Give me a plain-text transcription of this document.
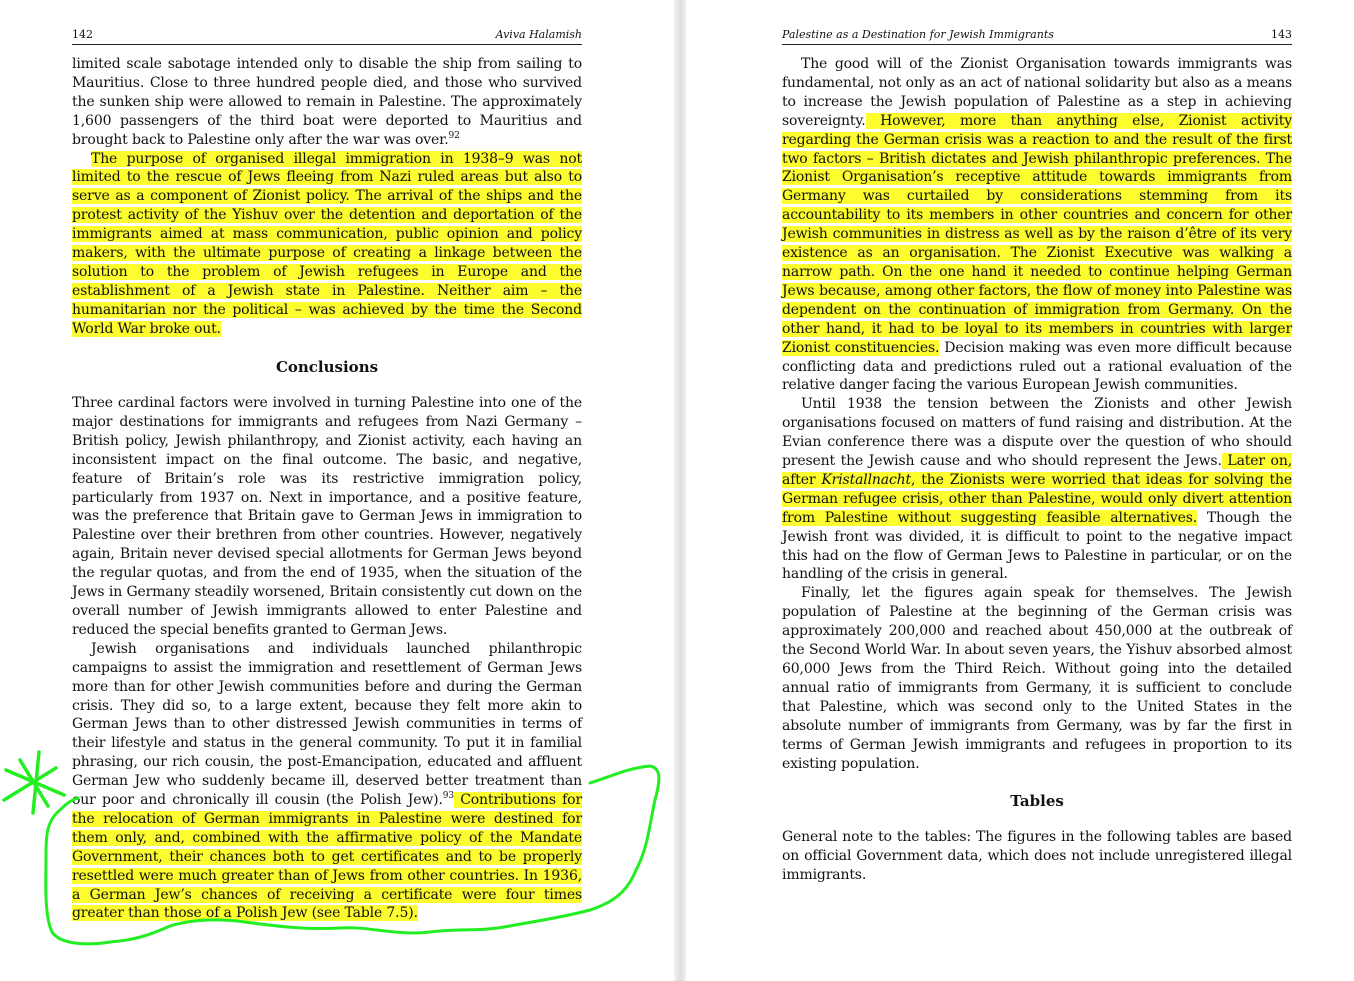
142	Aviva Halamish

limited scale sabotage intended only to disable the ship from sailing to Mauritius. Close to three hundred people died, and those who survived the sunken ship were allowed to remain in Palestine. The approximately 1,600 passengers of the third boat were deported to Mauritius and brought back to Palestine only after the war was over.$^{92}$

The purpose of organised illegal immigration in 1938–9 was not limited to the rescue of Jews fleeing from Nazi ruled areas but also to serve as a component of Zionist policy. The arrival of the ships and the protest activity of the Yishuv over the detention and deportation of the immigrants aimed at mass communication, public opinion and policy makers, with the ultimate purpose of creating a linkage between the solution to the problem of Jewish refugees in Europe and the establishment of a Jewish state in Palestine. Neither aim – the humanitarian nor the political – was achieved by the time the Second World War broke out.

Conclusions

Three cardinal factors were involved in turning Palestine into one of the major destinations for immigrants and refugees from Nazi Germany – British policy, Jewish philanthropy, and Zionist activity, each having an inconsistent impact on the final outcome. The basic, and negative, feature of Britain’s role was its restrictive immigration policy, particularly from 1937 on. Next in importance, and a positive feature, was the preference that Britain gave to German Jews in immigration to Palestine over their brethren from other countries. However, negatively again, Britain never devised special allotments for German Jews beyond the regular quotas, and from the end of 1935, when the situation of the Jews in Germany steadily worsened, Britain consistently cut down on the overall number of Jewish immigrants allowed to enter Palestine and reduced the special benefits granted to German Jews.

Jewish organisations and individuals launched philanthropic campaigns to assist the immigration and resettlement of German Jews more than for other Jewish communities before and during the German crisis. They did so, to a large extent, because they felt more akin to German Jews than to other distressed Jewish communities in terms of their lifestyle and status in the general community. To put it in familial phrasing, our rich cousin, the post-Emancipation, educated and affluent German Jew who suddenly became ill, deserved better treatment than our poor and chronically ill cousin (the Polish Jew).$^{93}$ Contributions for the relocation of German immigrants in Palestine were destined for them only, and, combined with the affirmative policy of the Mandate Government, their chances both to get certificates and to be properly resettled were much greater than of Jews from other countries. In 1936, a German Jew’s chances of receiving a certificate were four times greater than those of a Polish Jew (see Table 7.5).

Palestine as a Destination for Jewish Immigrants	143

The good will of the Zionist Organisation towards immigrants was fundamental, not only as an act of national solidarity but also as a means to increase the Jewish population of Palestine as a step in achieving sovereignty. However, more than anything else, Zionist activity regarding the German crisis was a reaction to and the result of the first two factors – British dictates and Jewish philanthropic preferences. The Zionist Organisation’s receptive attitude towards immigrants from Germany was curtailed by considerations stemming from its accountability to its members in other countries and concern for other Jewish communities in distress as well as by the raison d’être of its very existence as an organisation. The Zionist Executive was walking a narrow path. On the one hand it needed to continue helping German Jews because, among other factors, the flow of money into Palestine was dependent on the continuation of immigration from Germany. On the other hand, it had to be loyal to its members in countries with larger Zionist constituencies. Decision making was even more difficult because conflicting data and predictions ruled out a rational evaluation of the relative danger facing the various European Jewish communities.

Until 1938 the tension between the Zionists and other Jewish organisations focused on matters of fund raising and distribution. At the Evian conference there was a dispute over the question of who should present the Jewish cause and who should represent the Jews. Later on, after Kristallnacht, the Zionists were worried that ideas for solving the German refugee crisis, other than Palestine, would only divert attention from Palestine without suggesting feasible alternatives. Though the Jewish front was divided, it is difficult to point to the negative impact this had on the flow of German Jews to Palestine in particular, or on the handling of the crisis in general.

Finally, let the figures again speak for themselves. The Jewish population of Palestine at the beginning of the German crisis was approximately 200,000 and reached about 450,000 at the outbreak of the Second World War. In about seven years, the Yishuv absorbed almost 60,000 Jews from the Third Reich. Without going into the detailed annual ratio of immigrants from Germany, it is sufficient to conclude that Palestine, which was second only to the United States in the absolute number of immigrants from Germany, was by far the first in terms of German Jewish immigrants and refugees in proportion to its existing population.

Tables

General note to the tables: The figures in the following tables are based on official Government data, which does not include unregistered illegal immigrants.
